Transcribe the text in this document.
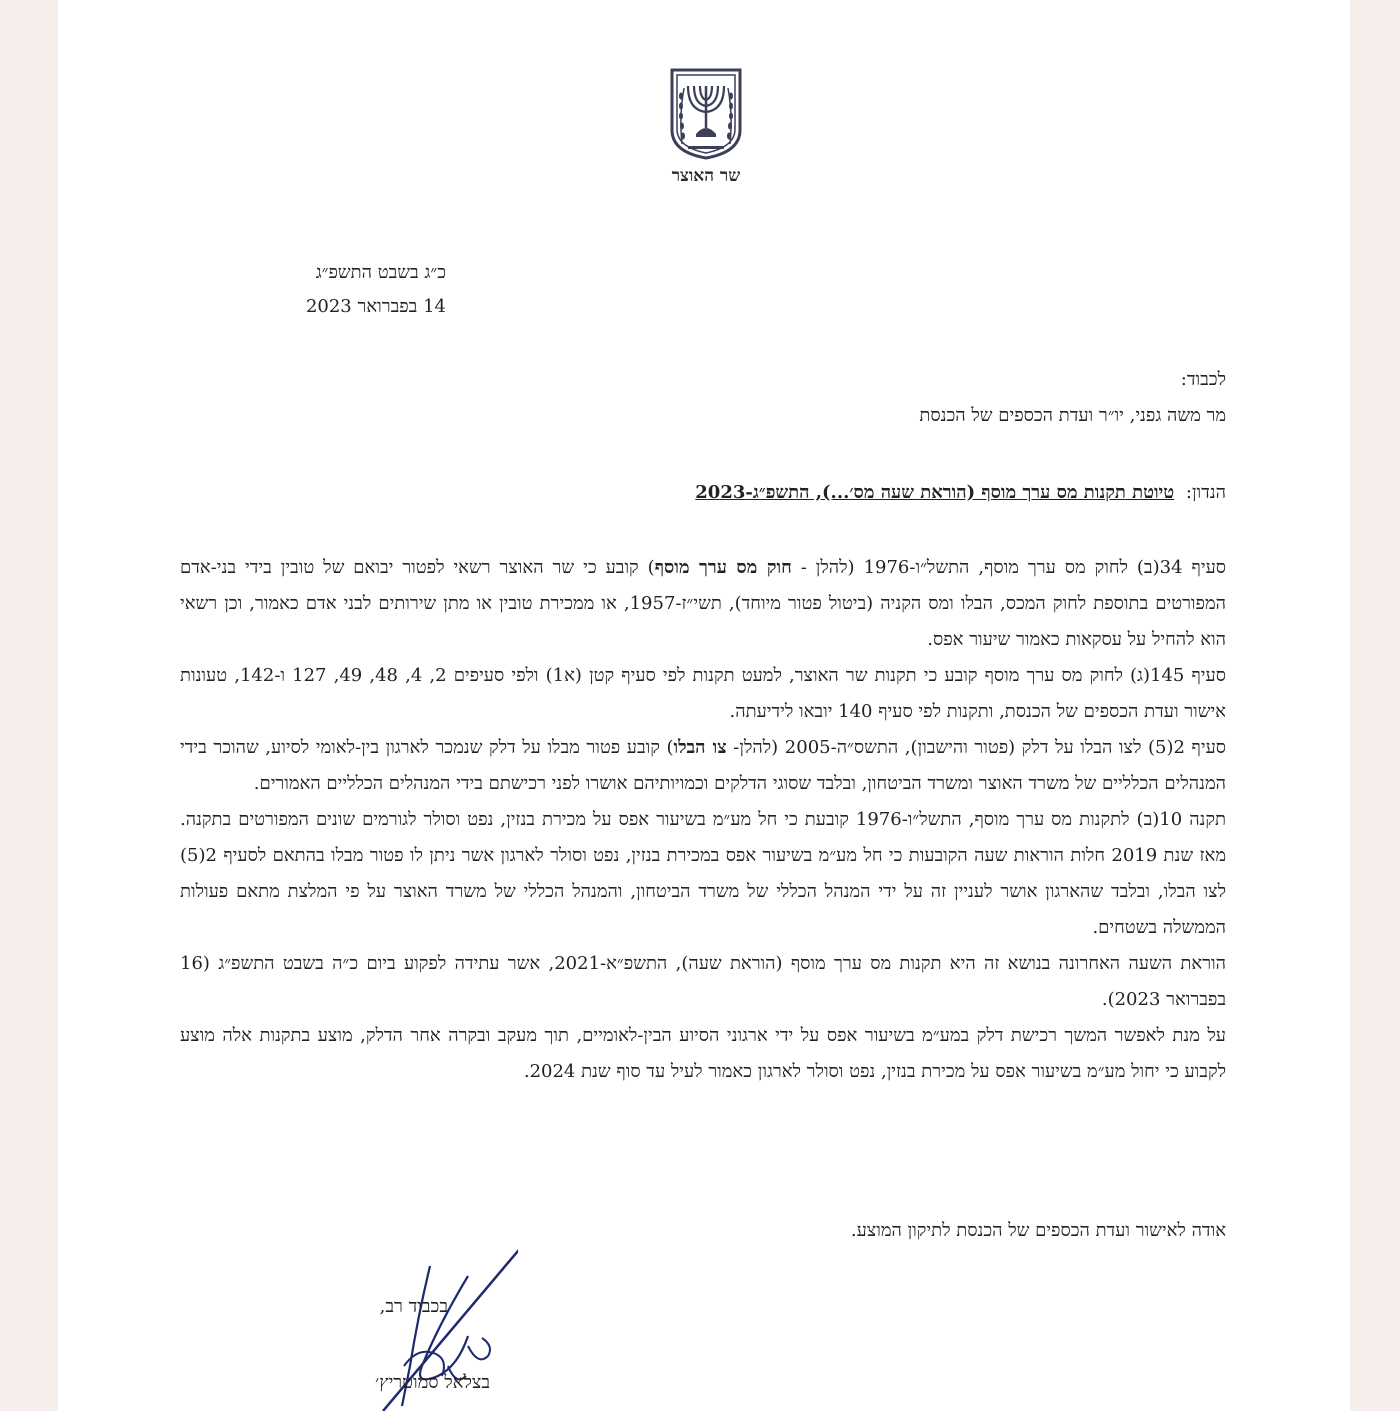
שר האוצר
כ״ג בשבט התשפ״ג
14 בפברואר 2023
לכבוד:
מר משה גפני, יו״ר ועדת הכספים של הכנסת
הנדון: טיוטת תקנות מס ערך מוסף (הוראת שעה מס׳...), התשפ״ג-2023

סעיף 34(ב) לחוק מס ערך מוסף, התשל״ו-1976 (להלן - חוק מס ערך מוסף) קובע כי שר האוצר רשאי לפטור יבואם של טובין בידי בני-אדם המפורטים בתוספת לחוק המכס, הבלו ומס הקניה (ביטול פטור מיוחד), תשי״ז-1957, או ממכירת טובין או מתן שירותים לבני אדם כאמור, וכן רשאי הוא להחיל על עסקאות כאמור שיעור אפס.

סעיף 145(ג) לחוק מס ערך מוסף קובע כי תקנות שר האוצר, למעט תקנות לפי סעיף קטן (א1) ולפי סעיפים 2, 4, 48, 49, 127 ו-142, טעונות אישור ועדת הכספים של הכנסת, ותקנות לפי סעיף 140 יובאו לידיעתה.

סעיף 2(5) לצו הבלו על דלק (פטור והישבון), התשס״ה-2005 (להלן- צו הבלו) קובע פטור מבלו על דלק שנמכר לארגון בין-לאומי לסיוע, שהוכר בידי המנהלים הכלליים של משרד האוצר ומשרד הביטחון, ובלבד שסוגי הדלקים וכמויותיהם אושרו לפני רכישתם בידי המנהלים הכלליים האמורים.

תקנה 10(ב) לתקנות מס ערך מוסף, התשל״ו-1976 קובעת כי חל מע״מ בשיעור אפס על מכירת בנזין, נפט וסולר לגורמים שונים המפורטים בתקנה. מאז שנת 2019 חלות הוראות שעה הקובעות כי חל מע״מ בשיעור אפס במכירת בנזין, נפט וסולר לארגון אשר ניתן לו פטור מבלו בהתאם לסעיף 2(5) לצו הבלו, ובלבד שהארגון אושר לעניין זה על ידי המנהל הכללי של משרד הביטחון, והמנהל הכללי של משרד האוצר על פי המלצת מתאם פעולות הממשלה בשטחים.

הוראת השעה האחרונה בנושא זה היא תקנות מס ערך מוסף (הוראת שעה), התשפ״א-2021, אשר עתידה לפקוע ביום כ״ה בשבט התשפ״ג (16 בפברואר 2023).

על מנת לאפשר המשך רכישת דלק במע״מ בשיעור אפס על ידי ארגוני הסיוע הבין-לאומיים, תוך מעקב ובקרה אחר הדלק, מוצע בתקנות אלה מוצע לקבוע כי יחול מע״מ בשיעור אפס על מכירת בנזין, נפט וסולר לארגון כאמור לעיל עד סוף שנת 2024.

אודה לאישור ועדת הכספים של הכנסת לתיקון המוצע.
בכבוד רב,
בצלאל סמוטריץ׳
